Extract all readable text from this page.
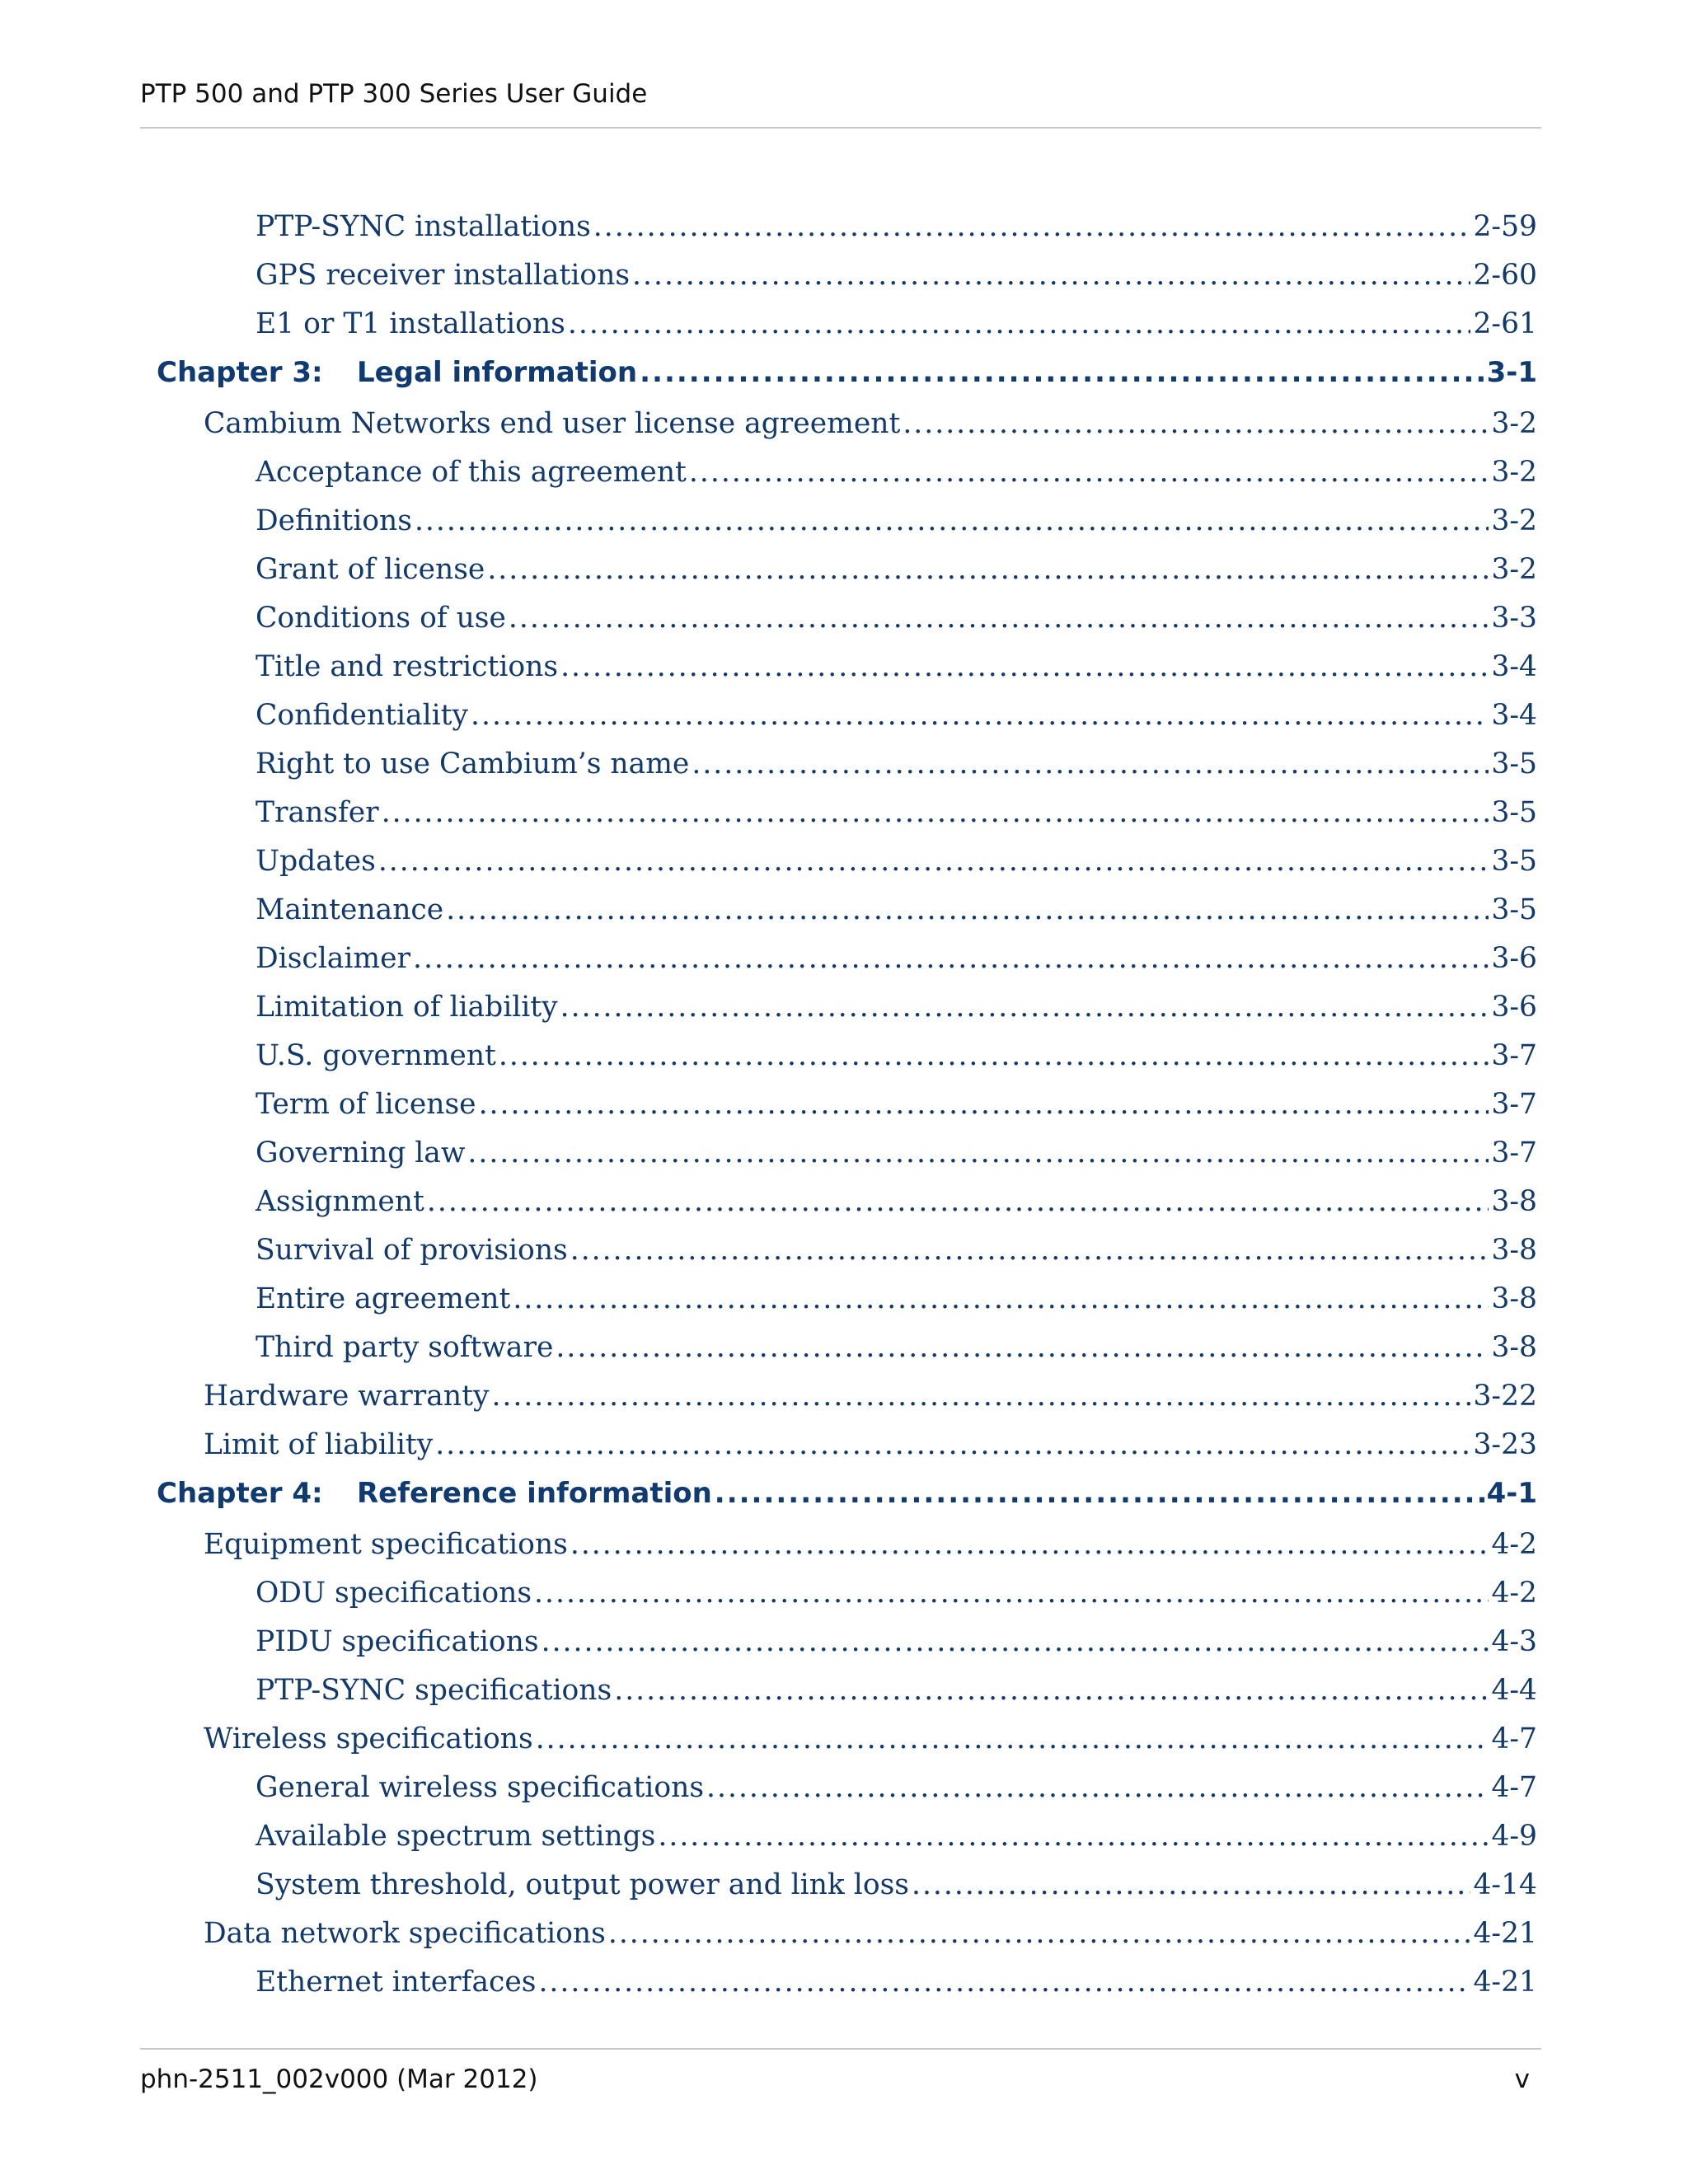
PTP 500 and PTP 300 Series User Guide
PTP-SYNC installations .....	2-59
GPS receiver installations .....	2-60
E1 or T1 installations .....	2-61
Chapter 3:	Legal information .....	3-1
Cambium Networks end user license agreement .....	3-2
Acceptance of this agreement .....	3-2
Definitions .....	3-2
Grant of license .....	3-2
Conditions of use .....	3-3
Title and restrictions .....	3-4
Confidentiality .....	3-4
Right to use Cambium’s name .....	3-5
Transfer .....	3-5
Updates .....	3-5
Maintenance .....	3-5
Disclaimer .....	3-6
Limitation of liability .....	3-6
U.S. government .....	3-7
Term of license .....	3-7
Governing law .....	3-7
Assignment .....	3-8
Survival of provisions .....	3-8
Entire agreement .....	3-8
Third party software .....	3-8
Hardware warranty .....	3-22
Limit of liability .....	3-23
Chapter 4:	Reference information .....	4-1
Equipment specifications .....	4-2
ODU specifications .....	4-2
PIDU specifications .....	4-3
PTP-SYNC specifications .....	4-4
Wireless specifications .....	4-7
General wireless specifications .....	4-7
Available spectrum settings .....	4-9
System threshold, output power and link loss .....	4-14
Data network specifications .....	4-21
Ethernet interfaces .....	4-21
phn-2511_002v000 (Mar 2012)	v
